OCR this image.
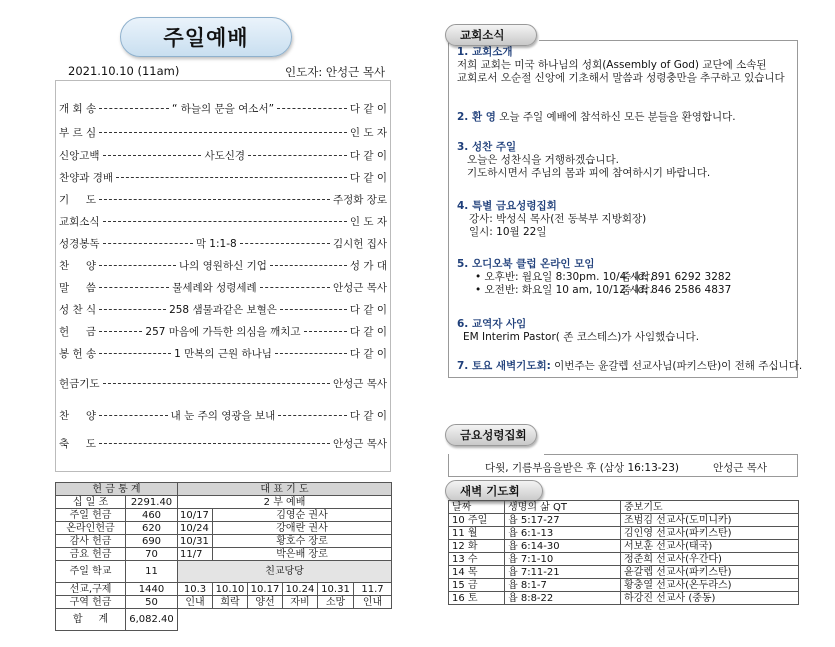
주일예배
2021.10.10 (11am)	인도자: 안성근 목사
개 회 송	“ 하늘의 문을 여소서”	다 같 이
부 르 심	인 도 자
신앙고백	사도신경	다 같 이
찬양과 경배	다 같 이
기     도	주정화 장로
교회소식	인 도 자
성경봉독	막 1:1-8	김시헌 집사
찬     양	나의 영원하신 기업	성 가 대
말     씀	물세례와 성령세례	안성근 목사
성 찬 식	258 샘물과같은 보혈은	다 같 이
헌     금	257 마음에 가득한 의심을 깨치고	다 같 이
봉 헌 송	1 만복의 근원 하나님	다 같 이
헌금기도	안성근 목사
찬     양	내 눈 주의 영광을 보내	다 같 이
축     도	안성근 목사
헌 금 통 계		대 표 기 도					
십 일 조	2291.40	2 부 예배					
주일 헌금	460	10/17	김영순 권사				
온라인헌금	620	10/24	강애란 권사				
감사 헌금	690	10/31	황호수 장로				
금요 헌금	70	11/7	박은배 장로				
주일 학교	11	친교당당					
선교,구제	1440	10.3	10.10	10.17	10.24	10.31	11.7
구역 헌금	50	인내	희락	양선	자비	소망	인내
합     계	6,082.40						
1. 교회소개
저희 교회는 미국 하나님의 성회(Assembly of God) 교단에 소속된
교회로서 오순절 신앙에 기초해서 말씀과 성령충만을 추구하고 있습니다
2. 환 영 오늘 주일 예배에 참석하신 모든 분들을 환영합니다.
3. 성찬 주일
오늘은 성찬식을 거행하겠습니다.
기도하시면서 주님의 몸과 피에 참여하시기 바랍니다.
4. 특별 금요성령집회
강사: 박성식 목사(전 동북부 지방회장)
일시: 10월 22일
5. 오디오북 클럽 온라인 모임
• 오후반: 월요일 8:30pm. 10/4 시작,
줌 Id: 891 6292 3282
• 오전반: 화요일 10 am, 10/12 시작.
줌 Id: 846 2586 4837
6. 교역자 사임
EM Interim Pastor( 존 코스테스)가 사임했습니다.
7. 토요 새벽기도회: 이번주는 윤갈렙 선교사님(파키스탄)이 전해 주십니다.
교회소식
다윗, 기름부음을받은 후 (삼상 16:13-23)	안성근 목사
금요성령집회
새벽 기도회
날짜	생명의 삶 QT	중보기도
10 주일	욥 5:17-27	조범김 선교사(도미니카)
11 월	욥 6:1-13	김인영 선교사(파키스탄)
12 화	욥 6:14-30	서보훈 선교사(태국)
13 수	욥 7:1-10	정준희 선교사(우간다)
14 목	욥 7:11-21	윤갈렙 선교사(파키스탄)
15 금	욥 8:1-7	황충열 선교사(온두라스)
16 토	욥 8:8-22	하강진 선교사 (중동)
